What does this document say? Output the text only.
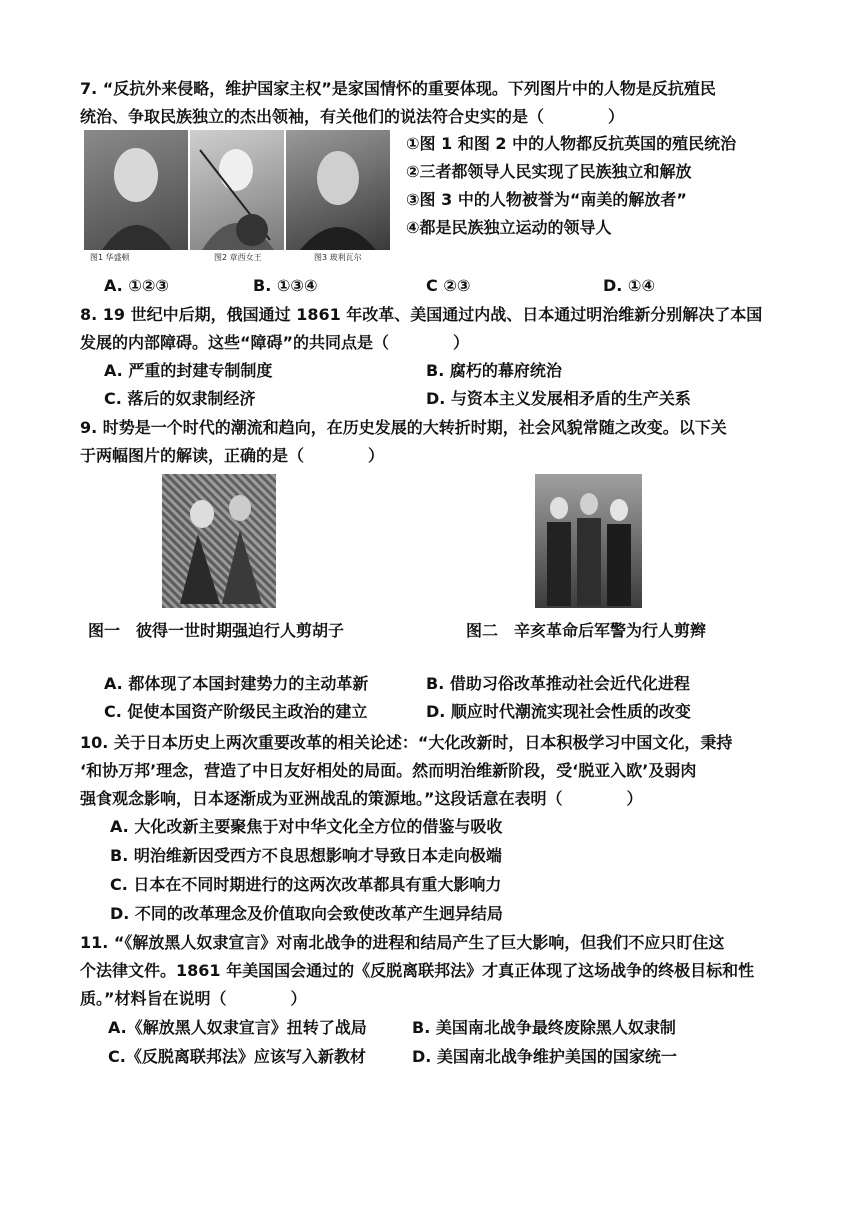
7. “反抗外来侵略，维护国家主权”是家国情怀的重要体现。下列图片中的人物是反抗殖民
统治、争取民族独立的杰出领袖，有关他们的说法符合史实的是（　　　　）
图1 华盛顿	图2 章西女王	图3 玻利瓦尔
①图 1 和图 2 中的人物都反抗英国的殖民统治
②三者都领导人民实现了民族独立和解放
③图 3 中的人物被誉为“南美的解放者”
④都是民族独立运动的领导人
A. ①②③	B. ①③④	C ②③	D. ①④
8. 19 世纪中后期，俄国通过 1861 年改革、美国通过内战、日本通过明治维新分别解决了本国
发展的内部障碍。这些“障碍”的共同点是（　　　　）
A. 严重的封建专制制度	B. 腐朽的幕府统治
C. 落后的奴隶制经济	D. 与资本主义发展相矛盾的生产关系
9. 时势是一个时代的潮流和趋向，在历史发展的大转折时期，社会风貌常随之改变。以下关
于两幅图片的解读，正确的是（　　　　）
图一　彼得一世时期强迫行人剪胡子	图二　辛亥革命后军警为行人剪辫
A. 都体现了本国封建势力的主动革新	B. 借助习俗改革推动社会近代化进程
C. 促使本国资产阶级民主政治的建立	D. 顺应时代潮流实现社会性质的改变
10. 关于日本历史上两次重要改革的相关论述：“大化改新时，日本积极学习中国文化，秉持
‘和协万邦’理念，营造了中日友好相处的局面。然而明治维新阶段，受‘脱亚入欧’及弱肉
强食观念影响，日本逐渐成为亚洲战乱的策源地。”这段话意在表明（　　　　）
A. 大化改新主要聚焦于对中华文化全方位的借鉴与吸收
B. 明治维新因受西方不良思想影响才导致日本走向极端
C. 日本在不同时期进行的这两次改革都具有重大影响力
D. 不同的改革理念及价值取向会致使改革产生迥异结局
11. “《解放黑人奴隶宣言》对南北战争的进程和结局产生了巨大影响，但我们不应只盯住这
个法律文件。1861 年美国国会通过的《反脱离联邦法》才真正体现了这场战争的终极目标和性
质。”材料旨在说明（　　　　）
A.《解放黑人奴隶宣言》扭转了战局	B. 美国南北战争最终废除黑人奴隶制
C.《反脱离联邦法》应该写入新教材	D. 美国南北战争维护美国的国家统一
